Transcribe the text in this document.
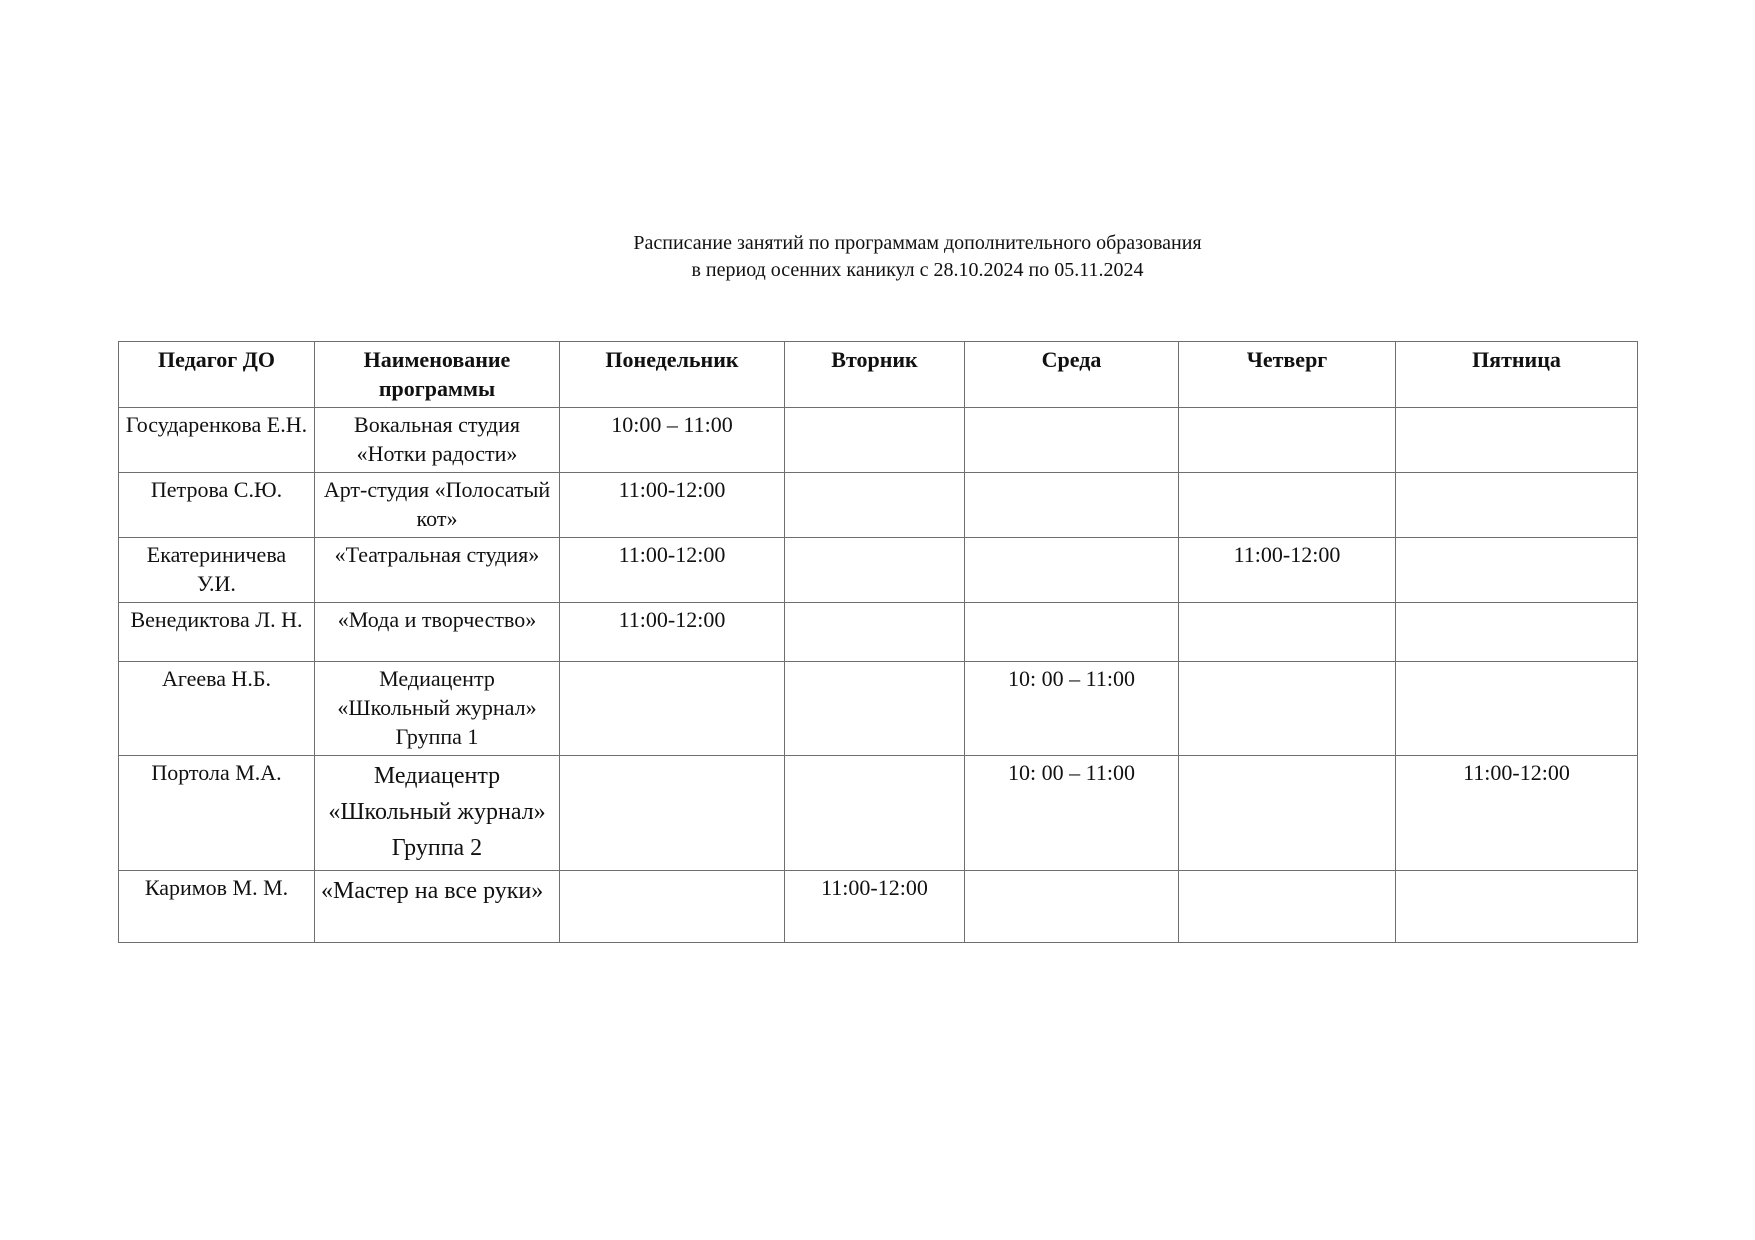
Расписание занятий по программам дополнительного образования
в период осенних каникул с 28.10.2024 по 05.11.2024
Педагог ДО	Наименование программы	Понедельник	Вторник	Среда	Четверг	Пятница
Государенкова Е.Н.	Вокальная студия «Нотки радости»	10:00 – 11:00				
Петрова С.Ю.	Арт-студия «Полосатый кот»	11:00-12:00				
Екатериничева У.И.	«Театральная студия»	11:00-12:00			11:00-12:00	
Венедиктова Л. Н.	«Мода и творчество»	11:00-12:00				
Агеева Н.Б.	Медиацентр «Школьный журнал» Группа 1			10: 00 – 11:00		
Портола М.А.	Медиацентр «Школьный журнал» Группа 2			10: 00 – 11:00		11:00-12:00
Каримов М. М.	«Мастер на все руки»		11:00-12:00			
